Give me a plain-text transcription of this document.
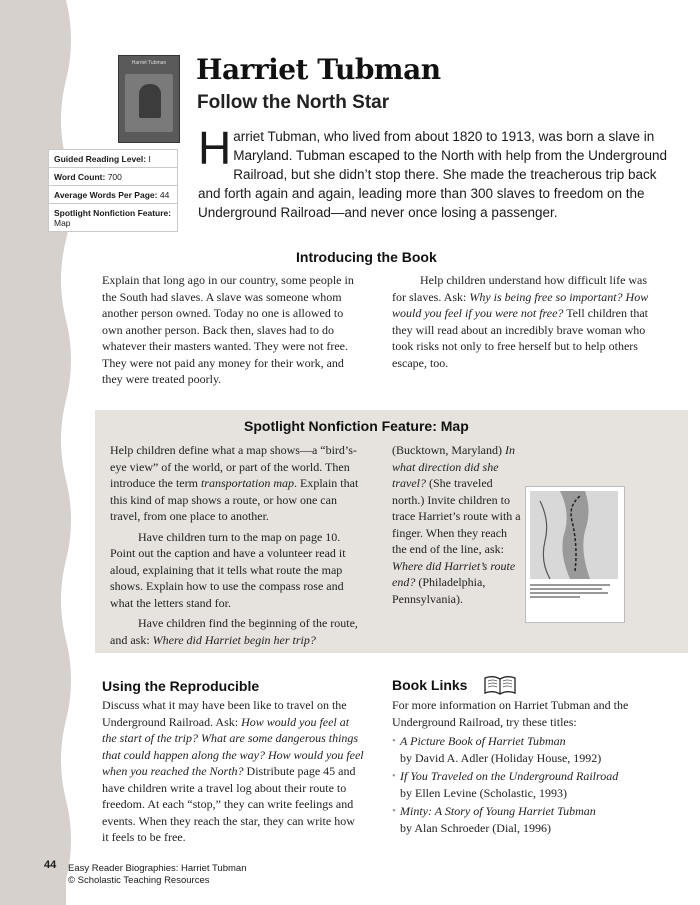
Harriet Tubman
Guided Reading Level: I
Word Count: 700
Average Words Per Page: 44
Spotlight Nonfiction Feature:
Map
Harriet Tubman
Follow the North Star
Harriet Tubman, who lived from about 1820 to 1913, was born a slave in Maryland. Tubman escaped to the North with help from the Underground Railroad, but she didn’t stop there. She made the treacherous trip back and forth again and again, leading more than 300 slaves to freedom on the Underground Railroad—and never once losing a passenger.
Introducing the Book
Explain that long ago in our country, some people in the South had slaves. A slave was someone whom another person owned. Today no one is allowed to own another person. Back then, slaves had to do whatever their masters wanted. They were not free. They were not paid any money for their work, and they were treated poorly.
Help children understand how difficult life was for slaves. Ask: Why is being free so important? How would you feel if you were not free? Tell children that they will read about an incredibly brave woman who took risks not only to free herself but to help others escape, too.
Spotlight Nonfiction Feature: Map
Help children define what a map shows—a “bird’s-eye view” of the world, or part of the world. Then introduce the term transportation map. Explain that this kind of map shows a route, or how one can travel, from one place to another.
Have children turn to the map on page 10. Point out the caption and have a volunteer read it aloud, explaining that it tells what route the map shows. Explain how to use the compass rose and what the letters stand for.
Have children find the beginning of the route, and ask: Where did Harriet begin her trip?
(Bucktown, Maryland) In what direction did she travel? (She traveled north.) Invite children to trace Harriet’s route with a finger. When they reach the end of the line, ask: Where did Harriet’s route end? (Philadelphia, Pennsylvania).
Using the Reproducible
Discuss what it may have been like to travel on the Underground Railroad. Ask: How would you feel at the start of the trip? What are some dangerous things that could happen along the way? How would you feel when you reached the North? Distribute page 45 and have children write a travel log about their route to freedom. At each “stop,” they can write feelings and events. When they reach the star, they can write how it feels to be free.
Book Links
For more information on Harriet Tubman and the Underground Railroad, try these titles:
• A Picture Book of Harriet Tubman
by David A. Adler (Holiday House, 1992)
• If You Traveled on the Underground Railroad
by Ellen Levine (Scholastic, 1993)
• Minty: A Story of Young Harriet Tubman
by Alan Schroeder (Dial, 1996)
44 Easy Reader Biographies: Harriet Tubman
© Scholastic Teaching Resources
